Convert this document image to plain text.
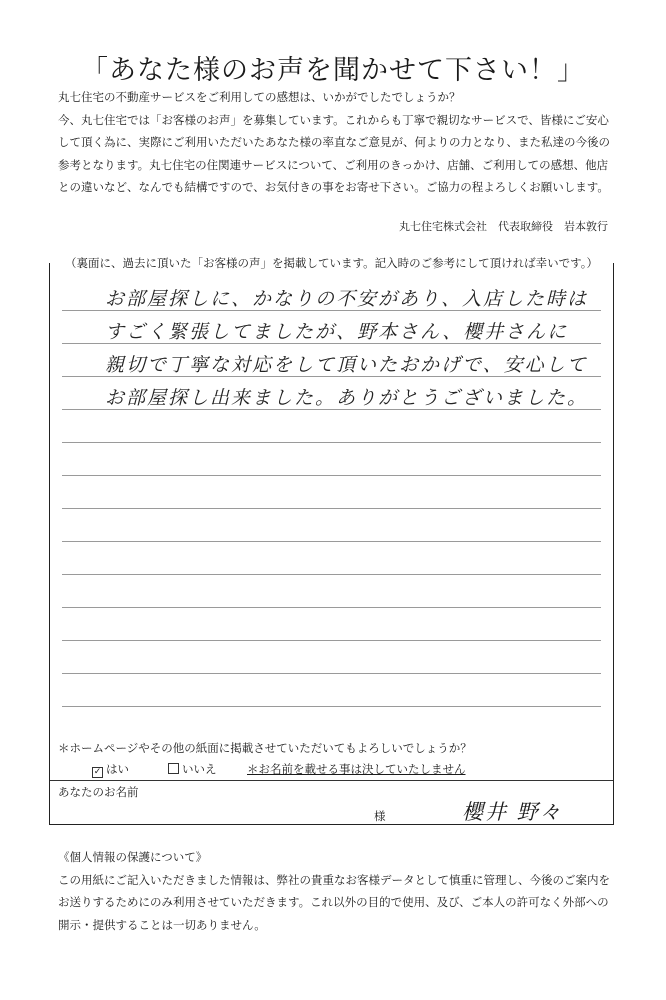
「あなた様のお声を聞かせて下さい！」
丸七住宅の不動産サービスをご利用しての感想は、いかがでしたでしょうか？
今、丸七住宅では「お客様のお声」を募集しています。これからも丁寧で親切なサービスで、皆様にご安心
して頂く為に、実際にご利用いただいたあなた様の率直なご意見が、何よりの力となり、また私達の今後の
参考となります。丸七住宅の住関連サービスについて、ご利用のきっかけ、店舗、ご利用しての感想、他店
との違いなど、なんでも結構ですので、お気付きの事をお寄せ下さい。ご協力の程よろしくお願いします。
丸七住宅株式会社　代表取締役　岩本敦行
（裏面に、過去に頂いた「お客様の声」を掲載しています。記入時のご参考にして頂ければ幸いです。）
お部屋探しに、かなりの不安があり、入店した時は
すごく緊張してましたが、野本さん、櫻井さんに
親切で丁寧な対応をして頂いたおかげで、安心して
お部屋探し出来ました。ありがとうございました。
＊ホームページやその他の紙面に掲載させていただいてもよろしいでしょうか？
✓ はい	いいえ	＊お名前を載せる事は決していたしません
あなたのお名前
様	櫻井 野々
《個人情報の保護について》
この用紙にご記入いただきました情報は、弊社の貴重なお客様データとして慎重に管理し、今後のご案内を
お送りするためにのみ利用させていただきます。これ以外の目的で使用、及び、ご本人の許可なく外部への
開示・提供することは一切ありません。
